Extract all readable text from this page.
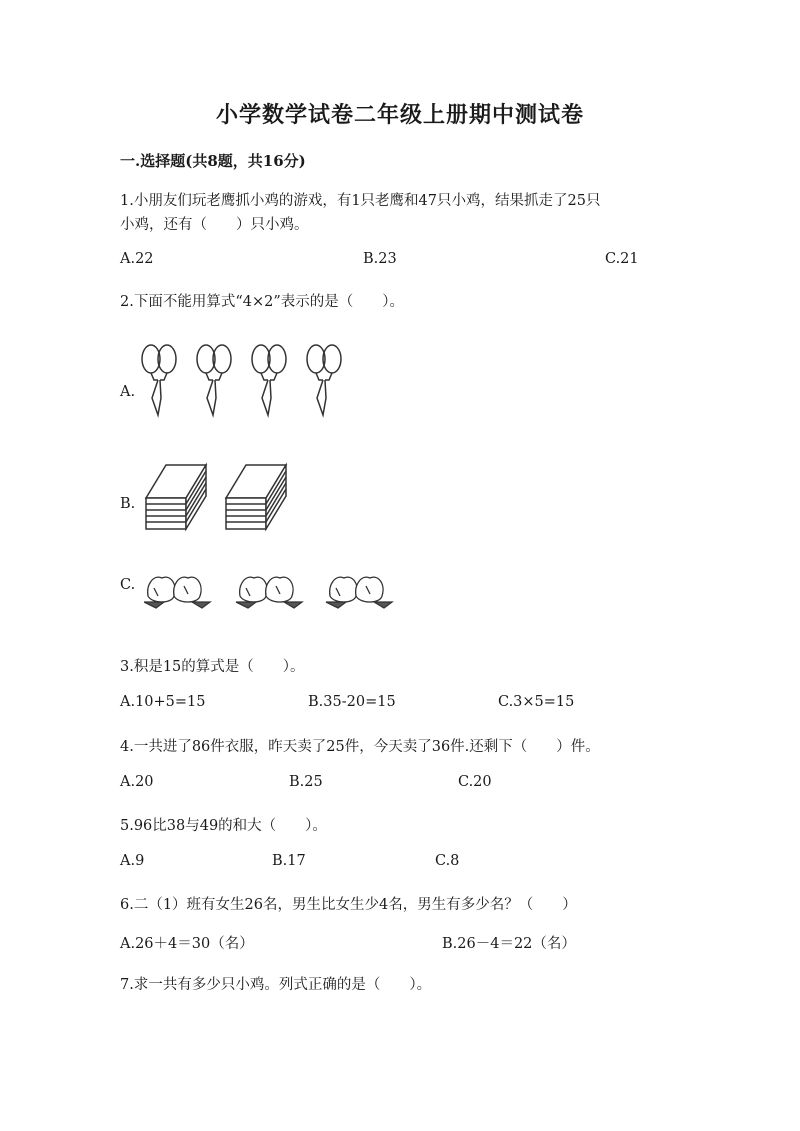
小学数学试卷二年级上册期中测试卷
一.选择题(共8题，共16分)
1.小朋友们玩老鹰抓小鸡的游戏，有1只老鹰和47只小鸡，结果抓走了25只
小鸡，还有（　　）只小鸡。
A.22	B.23	C.21
2.下面不能用算式“4×2”表示的是（　　）。
A.
B.
C.
3.积是15的算式是（　　）。
A.10+5=15	B.35-20=15	C.3×5=15
4.一共进了86件衣服，昨天卖了25件，今天卖了36件.还剩下（　　）件。
A.20	B.25	C.20
5.96比38与49的和大（　　）。
A.9	B.17	C.8
6.二（1）班有女生26名，男生比女生少4名，男生有多少名？（　　）
A.26＋4＝30（名）	B.26－4＝22（名）
7.求一共有多少只小鸡。列式正确的是（　　）。
